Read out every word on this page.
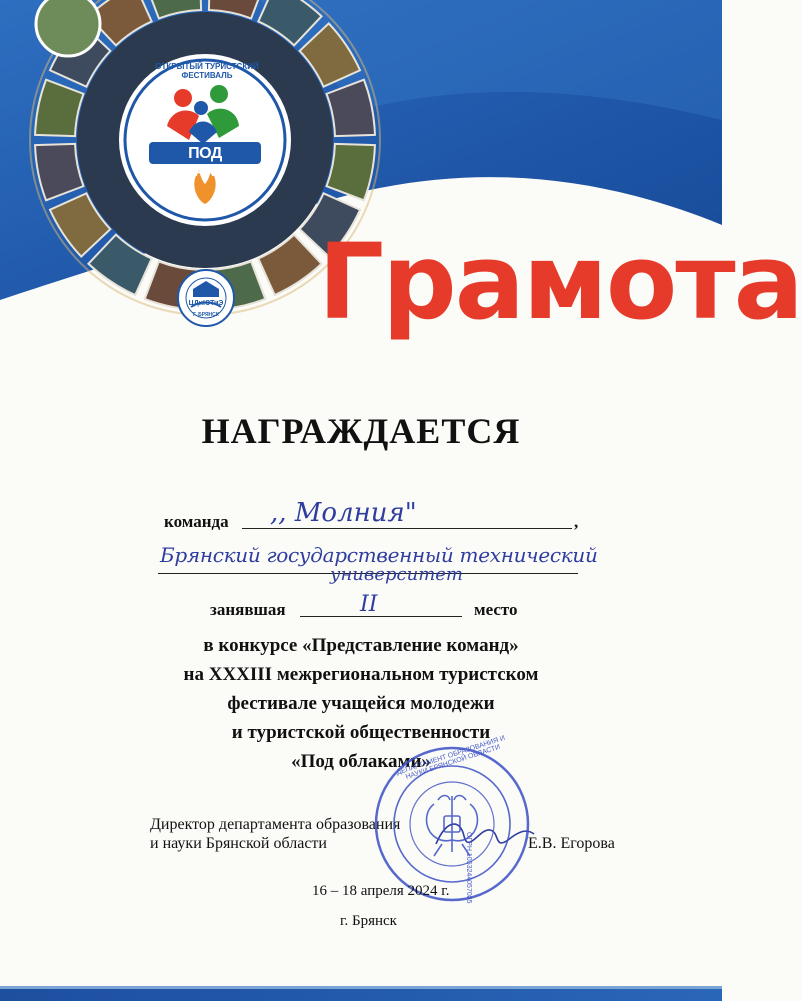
ПОД ОБЛАКАМИ
ОТКРЫТЫЙ ТУРИСТСКИЙ ФЕСТИВАЛЬ
ЦДиЮТиЭ
Г. БРЯНСК Грамота
НАГРАЖДАЕТСЯ
команда ,, Молния"	,
Брянский государственный технический
университет
занявшая	II	место
в конкурсе «Представление команд»
на XXXIII межрегиональном туристском
фестивале учащейся молодежи
и туристской общественности
«Под облаками»
Директор департамента образования
и науки Брянской области	Е.В. Егорова
ДЕПАРТАМЕНТ ОБРАЗОВАНИЯ И НАУКИ БРЯНСКОЙ ОБЛАСТИ
ОГРН 1053244057085
16 – 18 апреля 2024 г.
г. Брянск
